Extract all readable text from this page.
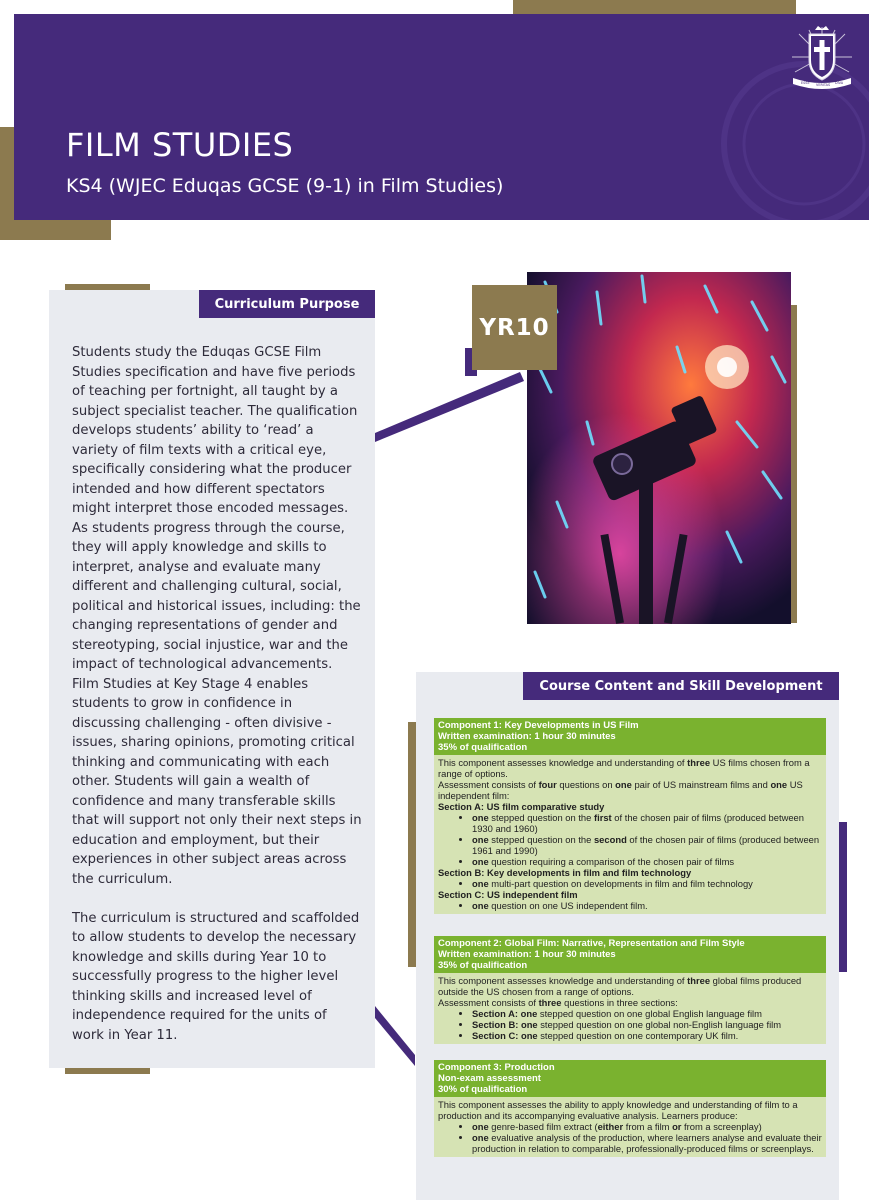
FILM STUDIES
KS4 (WJEC Eduqas GCSE (9-1) in Film Studies)
ESSE VERITAS DIVA
Curriculum Purpose

Students study the Eduqas GCSE Film Studies specification and have five periods of teaching per fortnight, all taught by a subject specialist teacher. The qualification develops students’ ability to ‘read’ a variety of film texts with a critical eye, specifically considering what the producer intended and how different spectators might interpret those encoded messages. As students progress through the course, they will apply knowledge and skills to interpret, analyse and evaluate many different and challenging cultural, social, political and historical issues, including: the changing representations of gender and stereotyping, social injustice, war and the impact of technological advancements. Film Studies at Key Stage 4 enables students to grow in confidence in discussing challenging - often divisive - issues, sharing opinions, promoting critical thinking and communicating with each other. Students will gain a wealth of confidence and many transferable skills that will support not only their next steps in education and employment, but their experiences in other subject areas across the curriculum.

The curriculum is structured and scaffolded to allow students to develop the necessary knowledge and skills during Year 10 to successfully progress to the higher level thinking skills and increased level of independence required for the units of work in Year 11.

YR10
Course Content and Skill Development
Component 1: Key Developments in US Film
Written examination: 1 hour 30 minutes
35% of qualification
This component assesses knowledge and understanding of three US films chosen from a range of options.
Assessment consists of four questions on one pair of US mainstream films and one US independent film:
Section A: US film comparative study
• one stepped question on the first of the chosen pair of films (produced between 1930 and 1960)
• one stepped question on the second of the chosen pair of films (produced between 1961 and 1990)
• one question requiring a comparison of the chosen pair of films
Section B: Key developments in film and film technology
• one multi-part question on developments in film and film technology
Section C: US independent film
• one question on one US independent film.
Component 2: Global Film: Narrative, Representation and Film Style
Written examination: 1 hour 30 minutes
35% of qualification
This component assesses knowledge and understanding of three global films produced outside the US chosen from a range of options.
Assessment consists of three questions in three sections:
• Section A: one stepped question on one global English language film
• Section B: one stepped question on one global non-English language film
• Section C: one stepped question on one contemporary UK film.
Component 3: Production
Non-exam assessment
30% of qualification
This component assesses the ability to apply knowledge and understanding of film to a production and its accompanying evaluative analysis. Learners produce:
• one genre-based film extract (either from a film or from a screenplay)
• one evaluative analysis of the production, where learners analyse and evaluate their production in relation to comparable, professionally-produced films or screenplays.
